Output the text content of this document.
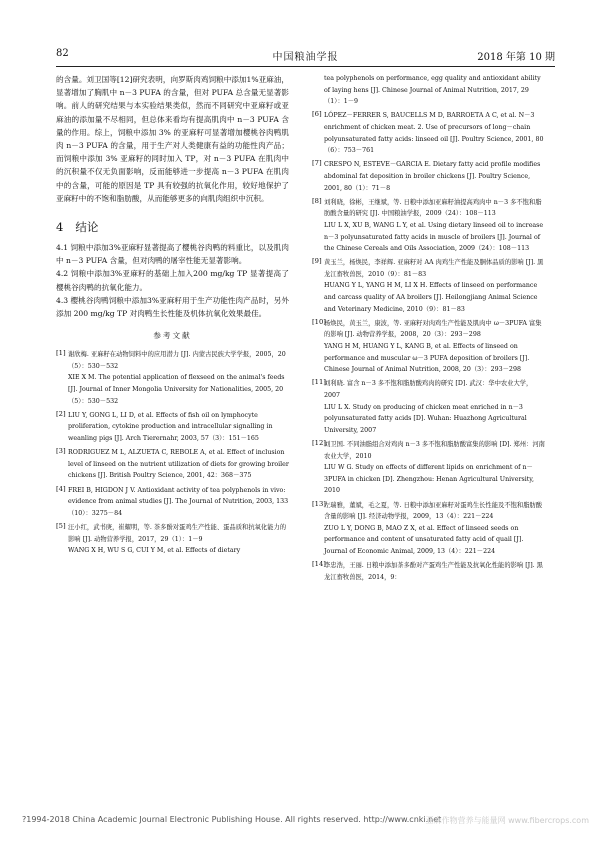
82	中国粮油学报	2018 年第 10 期

的含量。刘卫国等[12]研究表明，向罗斯肉鸡饲粮中添加1%亚麻油，显著增加了胸肌中 n－3 PUFA 的含量，但对 PUFA 总含量无显著影响。前人的研究结果与本实验结果类似，然而不同研究中亚麻籽或亚麻油的添加量不尽相同，但总体来看均有提高肌肉中 n－3 PUFA 含量的作用。综上，饲粮中添加 3% 的亚麻籽可显著增加樱桃谷肉鸭肌肉 n－3 PUFA 的含量，用于生产对人类健康有益的功能性肉产品；而饲粮中添加 3% 亚麻籽的同时加入 TP，对 n－3 PUFA 在肌肉中的沉积量不仅无负面影响，反而能够进一步提高 n－3 PUFA 在肌肉中的含量，可能的原因是 TP 具有较强的抗氧化作用，较好地保护了亚麻籽中的不饱和脂肪酸，从而能够更多的向肌肉组织中沉积。

4 结论

4.1 饲粮中添加3%亚麻籽显著提高了樱桃谷肉鸭的料重比，以及肌肉中 n－3 PUFA 含量，但对肉鸭的屠宰性能无显著影响。

4.2 饲粮中添加3%亚麻籽的基础上加入200 mg/kg TP 显著提高了樱桃谷肉鸭的抗氧化能力。

4.3 樱桃谷肉鸭饲粮中添加3%亚麻籽用于生产功能性肉产品时，另外添加 200 mg/kg TP 对肉鸭生长性能及机体抗氧化效果最佳。

参考文献
[1] 谢欣梅. 亚麻籽在动物饲料中的应用潜力 [J]. 内蒙古民族大学学报，2005，20（5）：530－532

XIE X M. The potential application of flexseed on the animal's feeds [J]. Journal of Inner Mongolia University for Nationalities, 2005, 20（5）：530－532

[2] LIU Y, GONG L, LI D, et al. Effects of fish oil on lymphocyte proliferation, cytokine production and intracellular signalling in weanling pigs [J]. Arch Tierernahr, 2003, 57（3）：151－165

[3] RODRIGUEZ M L, ALZUETA C, REBOLE A, et al. Effect of inclusion level of linseed on the nutrient utilization of diets for growing broiler chickens [J]. British Poultry Science, 2001, 42：368－375

[4] FREI B, HIGDON J V. Antioxidant activity of tea polyphenols in vivo: evidence from animal studies [J]. The Journal of Nutrition, 2003, 133（10）：3275－84

[5] 汪小红，武书庚，崔耀明，等. 茶多酚对蛋鸡生产性能、蛋品质和抗氧化能力的影响 [J]. 动物营养学报，2017，29（1）：1－9

WANG X H, WU S G, CUI Y M, et al. Effects of dietary

tea polyphenols on performance, egg quality and antioxidant ability of laying hens [J]. Chinese Journal of Animal Nutrition, 2017, 29（1）：1－9

[6] LÓPEZ－FERRER S, BAUCELLS M D, BARROETA A C, et al. N－3 enrichment of chicken meat. 2. Use of precursors of long－chain polyunsaturated fatty acids: linseed oil [J]. Poultry Science, 2001, 80（6）：753－761

[7] CRESPO N, ESTEVE－GARCIA E. Dietary fatty acid profile modifies abdominal fat deposition in broiler chickens [J]. Poultry Science, 2001, 80（1）：71－8

[8] 刘利晓，徐彬，王继斌，等. 日粮中添加亚麻籽油提高鸡肉中 n－3 多不饱和脂肪酸含量的研究 [J]. 中国粮油学报，2009（24）：108－113

LIU L X, XU B, WANG L Y, et al. Using dietary linseed oil to increase n－3 polyunsaturated fatty acids in muscle of broilers [J]. Journal of the Chinese Cereals and Oils Association, 2009（24）：108－113

[9] 黄玉兰，杨焕民，李祥辉. 亚麻籽对 AA 肉鸡生产性能及胴体品质的影响 [J]. 黑龙江畜牧兽医，2010（9）：81－83

HUANG Y L, YANG H M, LI X H. Effects of linseed on performance and carcass quality of AA broilers [J]. Heilongjiang Animal Science and Veterinary Medicine, 2010（9）：81－83

[10]

杨焕民，黄玉兰，康波，等. 亚麻籽对肉鸡生产性能及肌肉中 ω－3PUFA 富集的影响 [J]. 动物营养学报，2008，20（3）：293－298

YANG H M, HUANG Y L, KANG B, et al. Effects of linseed on performance and muscular ω－3 PUFA deposition of broilers [J]. Chinese Journal of Animal Nutrition, 2008, 20（3）：293－298

[11]

刘利晓. 富含 n－3 多不饱和脂肪酸鸡肉的研究 [D]. 武汉：华中农业大学，2007

LIU L X. Study on producing of chicken meat enriched in n－3 polyunsaturated fatty acids [D]. Wuhan: Huazhong Agricultural University, 2007

[12]

刘卫国. 不同油脂组合对鸡肉 n－3 多不饱和脂肪酸富集的影响 [D]. 郑州：河南农业大学，2010

LIU W G. Study on effects of different lipids on enrichment of n－3PUFA in chicken [D]. Zhengzhou: Henan Agricultural University, 2010

[13]

左瑞雅，董斌，毛之夏，等. 日粮中添加亚麻籽对蛋鸡生长性能及不饱和脂肪酸含量的影响 [J]. 经济动物学报，2009，13（4）：221－224

ZUO L Y, DONG B, MAO Z X, et al. Effect of linseed seeds on performance and content of unsaturated fatty acid of quail [J]. Journal of Economic Animal, 2009, 13（4）：221－224

[14]

李忠浩，王丽. 日粮中添加茶多酚对产蛋鸡生产性能及抗氧化性能的影响 [J]. 黑龙江畜牧兽医，2014，9：

?1994-2018 China Academic Journal Electronic Publishing House. All rights reserved. http://www.cnki.net
亚麻作物营养与能量网 www.fibercrops.com
